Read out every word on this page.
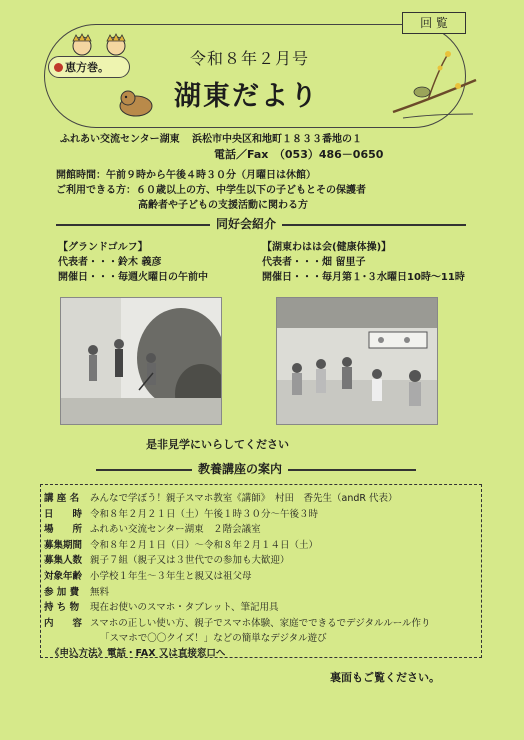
回 覧
恵方巻。	令和８年２月号
湖東だより
ふれあい交流センター湖東 浜松市中央区和地町１８３３番地の１
電話／Fax　（053）486－0650
開館時間：午前９時から午後４時３０分（月曜日は休館）
ご利用できる方：６０歳以上の方、中学生以下の子どもとその保護者
高齢者や子どもの支援活動に関わる方
同好会紹介
【グランドゴルフ】
代表者・・・鈴木 義彦
開催日・・・毎週火曜日の午前中
【湖東わはは会(健康体操)】
代表者・・・畑 留里子
開催日・・・毎月第１･３水曜日10時～11時
是非見学にいらしてください
教養講座の案内
講 座 名 みんなで学ぼう！親子スマホ教室《講師》　村田　香先生（andR 代表）
日　　時 令和８年２月２１日（土）午後１時３０分～午後３時
場　　所 ふれあい交流センター湖東　２階会議室
募集期間 令和８年２月１日（日）～令和８年２月１４日（土）
募集人数 親子７組（親子又は３世代での参加も大歓迎）
対象年齢 小学校１年生～３年生と親又は祖父母
参 加 費 無料
持 ち 物 現在お使いのスマホ・タブレット、筆記用具
内　　容 スマホの正しい使い方、親子でスマホ体験、家庭でできるでデジタルルール作り
「スマホで〇〇クイズ！」などの簡単なデジタル遊び
《申込方法》電話・FAX 又は直接窓口へ
裏面もご覧ください。
